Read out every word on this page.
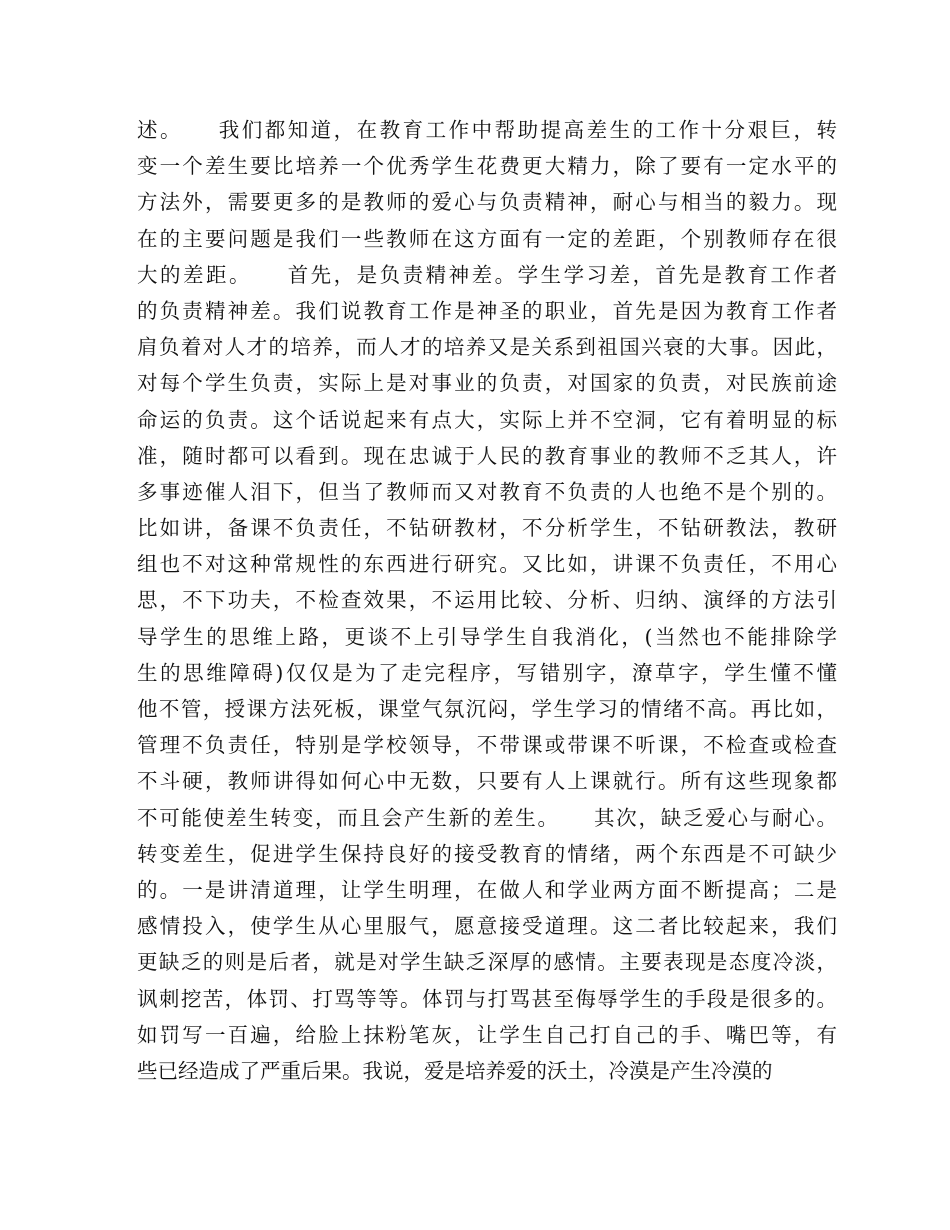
述。　　我们都知道，在教育工作中帮助提高差生的工作十分艰巨，转
变一个差生要比培养一个优秀学生花费更大精力，除了要有一定水平的
方法外，需要更多的是教师的爱心与负责精神，耐心与相当的毅力。现
在的主要问题是我们一些教师在这方面有一定的差距，个别教师存在很
大的差距。　　首先，是负责精神差。学生学习差，首先是教育工作者
的负责精神差。我们说教育工作是神圣的职业，首先是因为教育工作者
肩负着对人才的培养，而人才的培养又是关系到祖国兴衰的大事。因此，
对每个学生负责，实际上是对事业的负责，对国家的负责，对民族前途
命运的负责。这个话说起来有点大，实际上并不空洞，它有着明显的标
准，随时都可以看到。现在忠诚于人民的教育事业的教师不乏其人，许
多事迹催人泪下，但当了教师而又对教育不负责的人也绝不是个别的。
比如讲，备课不负责任，不钻研教材，不分析学生，不钻研教法，教研
组也不对这种常规性的东西进行研究。又比如，讲课不负责任，不用心
思，不下功夫，不检查效果，不运用比较、分析、归纳、演绎的方法引
导学生的思维上路，更谈不上引导学生自我消化，(当然也不能排除学
生的思维障碍)仅仅是为了走完程序，写错别字，潦草字，学生懂不懂
他不管，授课方法死板，课堂气氛沉闷，学生学习的情绪不高。再比如，
管理不负责任，特别是学校领导，不带课或带课不听课，不检查或检查
不斗硬，教师讲得如何心中无数，只要有人上课就行。所有这些现象都
不可能使差生转变，而且会产生新的差生。　　其次，缺乏爱心与耐心。
转变差生，促进学生保持良好的接受教育的情绪，两个东西是不可缺少
的。一是讲清道理，让学生明理，在做人和学业两方面不断提高；二是
感情投入，使学生从心里服气，愿意接受道理。这二者比较起来，我们
更缺乏的则是后者，就是对学生缺乏深厚的感情。主要表现是态度冷淡，
讽刺挖苦，体罚、打骂等等。体罚与打骂甚至侮辱学生的手段是很多的。
如罚写一百遍，给脸上抹粉笔灰，让学生自己打自己的手、嘴巴等，有
些已经造成了严重后果。我说，爱是培养爱的沃土，冷漠是产生冷漠的
